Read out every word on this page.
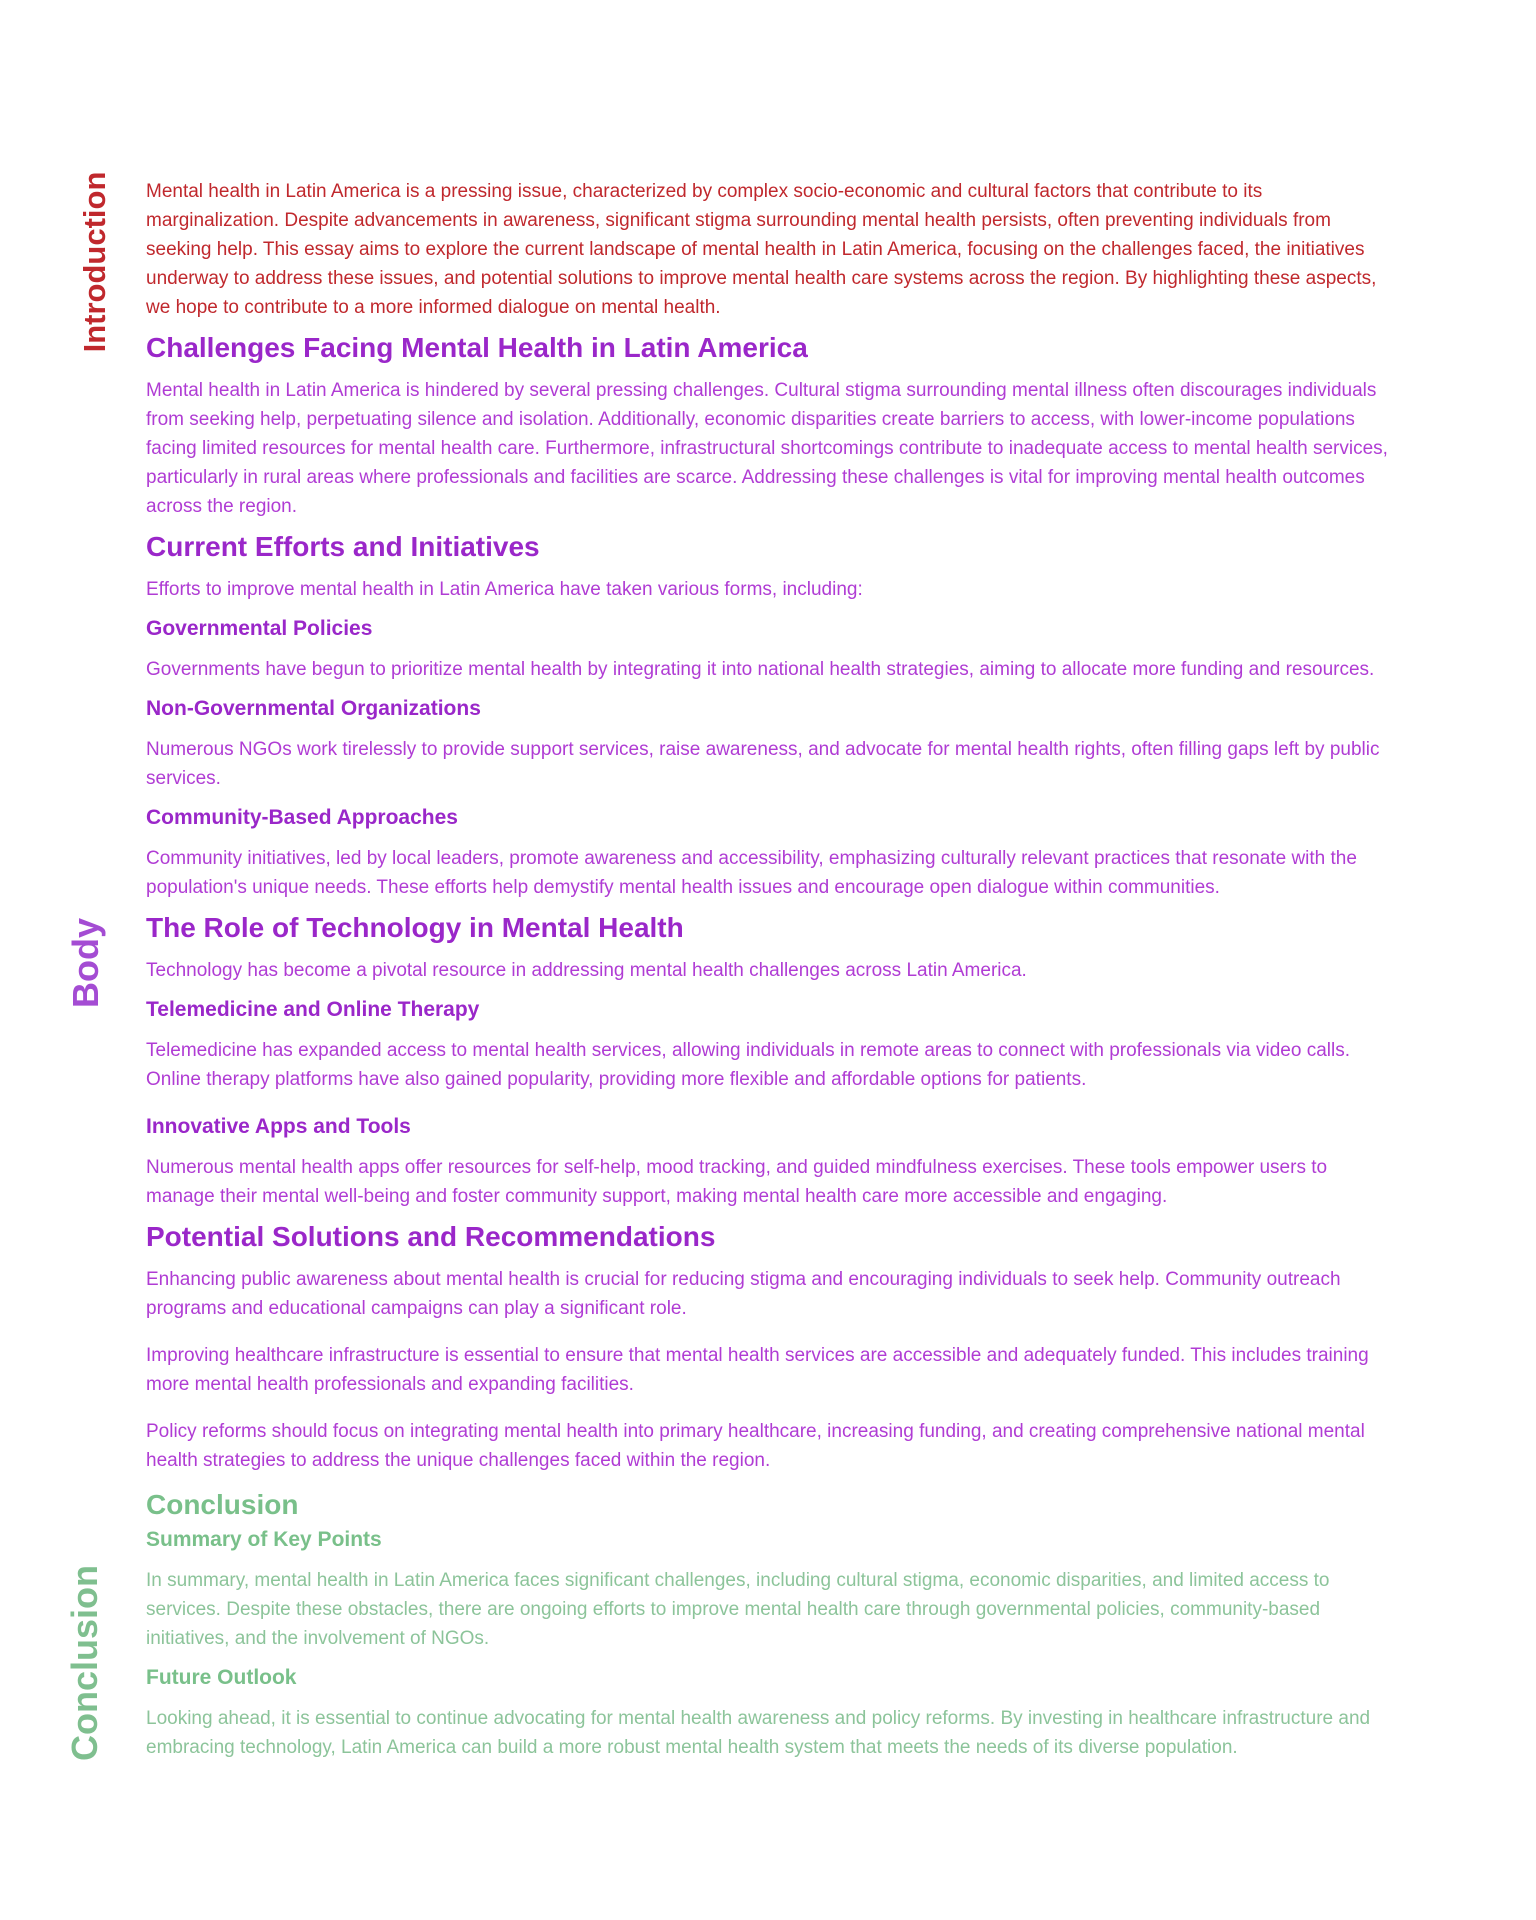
Introduction
Body
Conclusion

Mental health in Latin America is a pressing issue, characterized by complex socio-economic and cultural factors that contribute to its marginalization. Despite advancements in awareness, significant stigma surrounding mental health persists, often preventing individuals from seeking help. This essay aims to explore the current landscape of mental health in Latin America, focusing on the challenges faced, the initiatives underway to address these issues, and potential solutions to improve mental health care systems across the region. By highlighting these aspects, we hope to contribute to a more informed dialogue on mental health.

Challenges Facing Mental Health in Latin America

Mental health in Latin America is hindered by several pressing challenges. Cultural stigma surrounding mental illness often discourages individuals from seeking help, perpetuating silence and isolation. Additionally, economic disparities create barriers to access, with lower-income populations facing limited resources for mental health care. Furthermore, infrastructural shortcomings contribute to inadequate access to mental health services, particularly in rural areas where professionals and facilities are scarce. Addressing these challenges is vital for improving mental health outcomes across the region.

Current Efforts and Initiatives

Efforts to improve mental health in Latin America have taken various forms, including:

Governmental Policies

Governments have begun to prioritize mental health by integrating it into national health strategies, aiming to allocate more funding and resources.

Non-Governmental Organizations

Numerous NGOs work tirelessly to provide support services, raise awareness, and advocate for mental health rights, often filling gaps left by public services.

Community-Based Approaches

Community initiatives, led by local leaders, promote awareness and accessibility, emphasizing culturally relevant practices that resonate with the population's unique needs. These efforts help demystify mental health issues and encourage open dialogue within communities.

The Role of Technology in Mental Health

Technology has become a pivotal resource in addressing mental health challenges across Latin America.

Telemedicine and Online Therapy

Telemedicine has expanded access to mental health services, allowing individuals in remote areas to connect with professionals via video calls. Online therapy platforms have also gained popularity, providing more flexible and affordable options for patients.

Innovative Apps and Tools

Numerous mental health apps offer resources for self-help, mood tracking, and guided mindfulness exercises. These tools empower users to manage their mental well-being and foster community support, making mental health care more accessible and engaging.

Potential Solutions and Recommendations

Enhancing public awareness about mental health is crucial for reducing stigma and encouraging individuals to seek help. Community outreach programs and educational campaigns can play a significant role.

Improving healthcare infrastructure is essential to ensure that mental health services are accessible and adequately funded. This includes training more mental health professionals and expanding facilities.

Policy reforms should focus on integrating mental health into primary healthcare, increasing funding, and creating comprehensive national mental health strategies to address the unique challenges faced within the region.

Conclusion
Summary of Key Points

In summary, mental health in Latin America faces significant challenges, including cultural stigma, economic disparities, and limited access to services. Despite these obstacles, there are ongoing efforts to improve mental health care through governmental policies, community-based initiatives, and the involvement of NGOs.

Future Outlook

Looking ahead, it is essential to continue advocating for mental health awareness and policy reforms. By investing in healthcare infrastructure and embracing technology, Latin America can build a more robust mental health system that meets the needs of its diverse population.
